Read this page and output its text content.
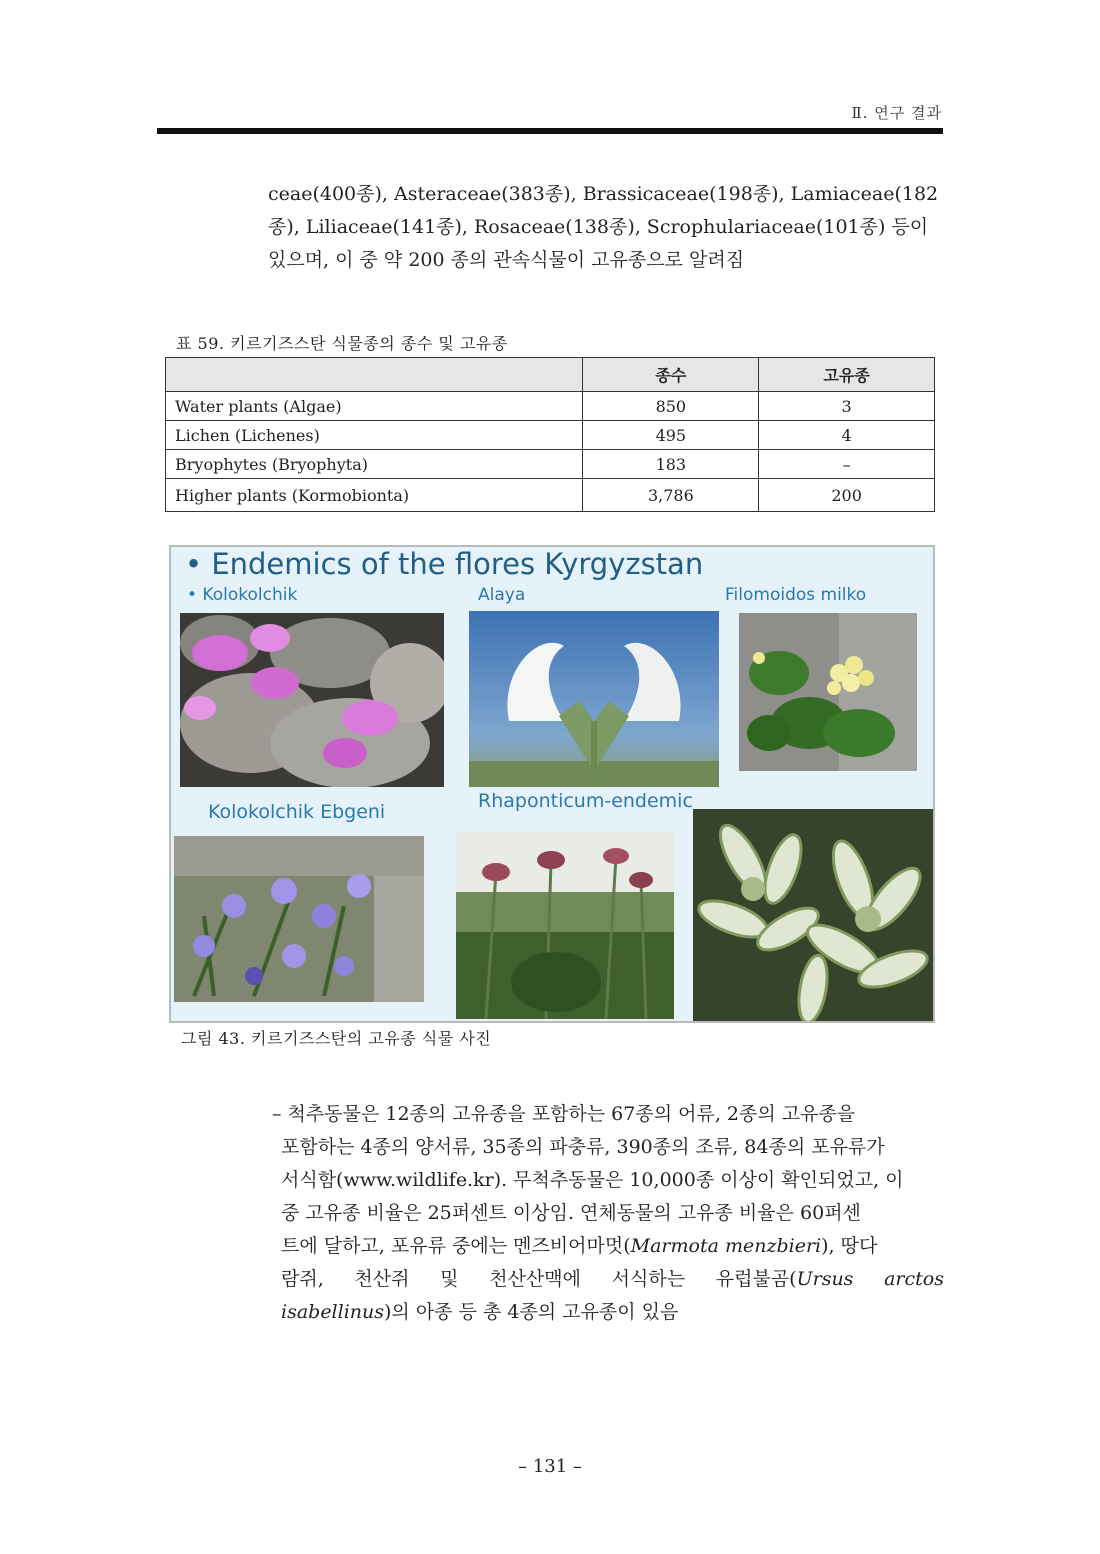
Ⅱ. 연구 결과
ceae(400종), Asteraceae(383종), Brassicaceae(198종), Lamiaceae(182
종), Liliaceae(141종), Rosaceae(138종), Scrophulariaceae(101종) 등이
있으며, 이 중 약 200 종의 관속식물이 고유종으로 알려짐
표 59. 키르기즈스탄 식물종의 종수 및 고유종
	종수	고유종
Water plants (Algae)	850	3
Lichen (Lichenes)	495	4
Bryophytes (Bryophyta)	183	–
Higher plants (Kormobionta)	3,786	200
• Endemics of the flores Kyrgyzstan
• Kolokolchik	Alaya	Filomoidos milko
Kolokolchik Ebgeni	Rhaponticum-endemic
그림 43. 키르기즈스탄의 고유종 식물 사진
– 척추동물은 12종의 고유종을 포함하는 67종의 어류, 2종의 고유종을
포함하는 4종의 양서류, 35종의 파충류, 390종의 조류, 84종의 포유류가
서식함(www.wildlife.kr). 무척추동물은 10,000종 이상이 확인되었고, 이
중 고유종 비율은 25퍼센트 이상임. 연체동물의 고유종 비율은 60퍼센
트에 달하고, 포유류 중에는 멘즈비어마멋(Marmota menzbieri), 땅다
람쥐, 천산쥐 및 천산산맥에 서식하는 유럽불곰(Ursus arctos
isabellinus)의 아종 등 총 4종의 고유종이 있음
– 131 –
